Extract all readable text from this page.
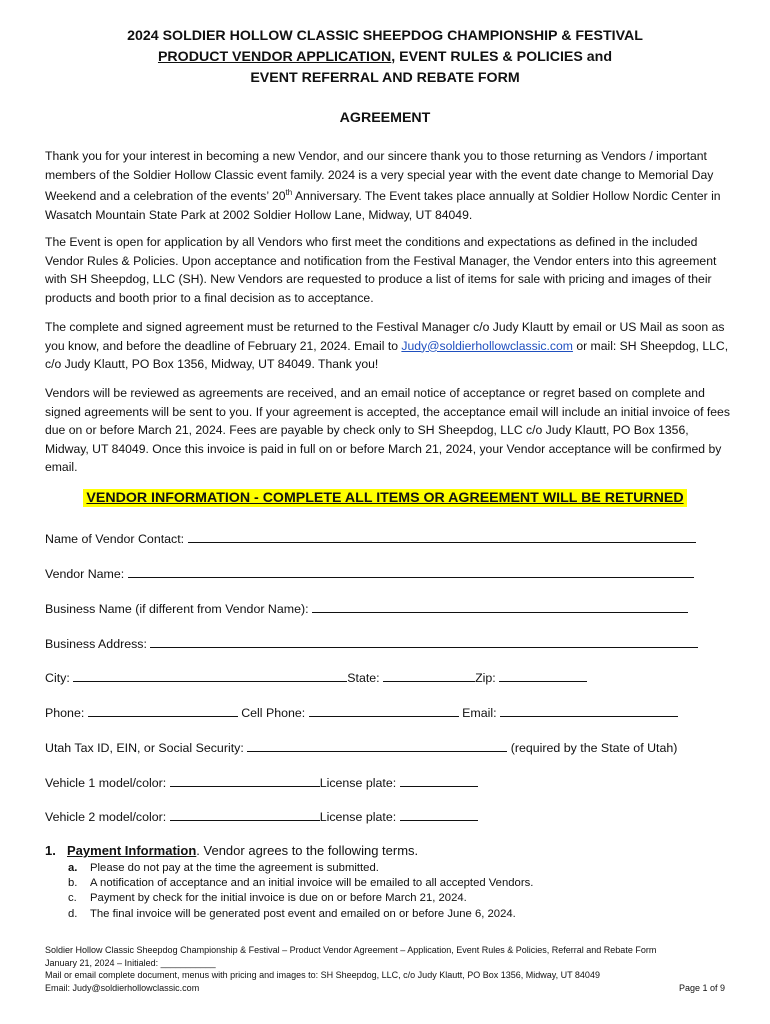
2024 SOLDIER HOLLOW CLASSIC SHEEPDOG CHAMPIONSHIP & FESTIVAL
PRODUCT VENDOR APPLICATION, EVENT RULES & POLICIES and
EVENT REFERRAL AND REBATE FORM
AGREEMENT
Thank you for your interest in becoming a new Vendor, and our sincere thank you to those returning as Vendors / important members of the Soldier Hollow Classic event family. 2024 is a very special year with the event date change to Memorial Day Weekend and a celebration of the events’ 20th Anniversary. The Event takes place annually at Soldier Hollow Nordic Center in Wasatch Mountain State Park at 2002 Soldier Hollow Lane, Midway, UT 84049.
The Event is open for application by all Vendors who first meet the conditions and expectations as defined in the included Vendor Rules & Policies. Upon acceptance and notification from the Festival Manager, the Vendor enters into this agreement with SH Sheepdog, LLC (SH). New Vendors are requested to produce a list of items for sale with pricing and images of their products and booth prior to a final decision as to acceptance.
The complete and signed agreement must be returned to the Festival Manager c/o Judy Klautt by email or US Mail as soon as you know, and before the deadline of February 21, 2024. Email to Judy@soldierhollowclassic.com or mail: SH Sheepdog, LLC, c/o Judy Klautt, PO Box 1356, Midway, UT 84049. Thank you!
Vendors will be reviewed as agreements are received, and an email notice of acceptance or regret based on complete and signed agreements will be sent to you. If your agreement is accepted, the acceptance email will include an initial invoice of fees due on or before March 21, 2024. Fees are payable by check only to SH Sheepdog, LLC c/o Judy Klautt, PO Box 1356, Midway, UT 84049. Once this invoice is paid in full on or before March 21, 2024, your Vendor acceptance will be confirmed by email.
VENDOR INFORMATION - COMPLETE ALL ITEMS OR AGREEMENT WILL BE RETURNED
Name of Vendor Contact:
Vendor Name:
Business Name (if different from Vendor Name):
Business Address:
City:	State:	Zip:
Phone:	Cell Phone:	Email:
Utah Tax ID, EIN, or Social Security:	(required by the State of Utah)
Vehicle 1 model/color:	License plate:
Vehicle 2 model/color:	License plate:
1. Payment Information. Vendor agrees to the following terms.
a. Please do not pay at the time the agreement is submitted.
b. A notification of acceptance and an initial invoice will be emailed to all accepted Vendors.
c. Payment by check for the initial invoice is due on or before March 21, 2024.
d. The final invoice will be generated post event and emailed on or before June 6, 2024.
Soldier Hollow Classic Sheepdog Championship & Festival – Product Vendor Agreement – Application, Event Rules & Policies, Referral and Rebate Form
January 21, 2024 – Initialed: ___________
Mail or email complete document, menus with pricing and images to: SH Sheepdog, LLC, c/o Judy Klautt, PO Box 1356, Midway, UT 84049
Email: Judy@soldierhollowclassic.com	Page 1 of 9
